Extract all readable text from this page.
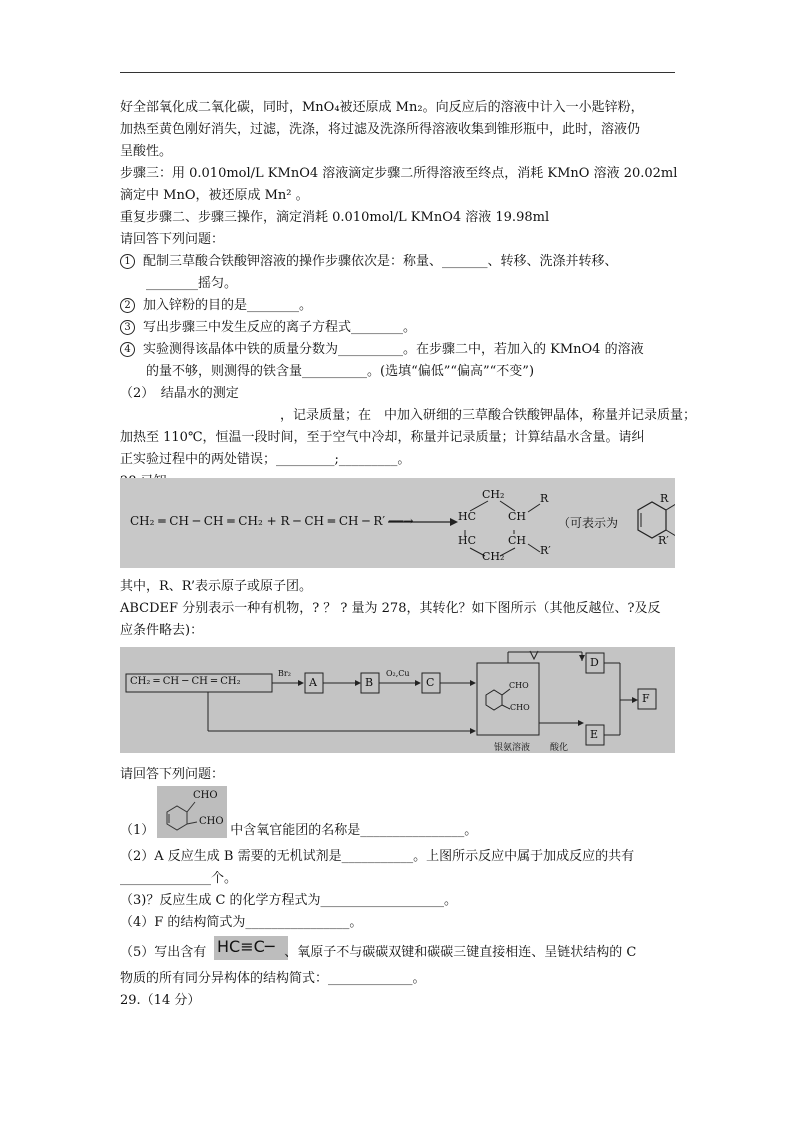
好全部氧化成二氧化碳，同时，MnO₄被还原成 Mn₂。向反应后的溶液中计入一小匙锌粉，
加热至黄色刚好消失，过滤，洗涤，将过滤及洗涤所得溶液收集到锥形瓶中，此时，溶液仍
呈酸性。
步骤三：用 0.010mol/L KMnO4 溶液滴定步骤二所得溶液至终点，消耗 KMnO 溶液 20.02ml
滴定中 MnO，被还原成 Mn² 。
重复步骤二、步骤三操作，滴定消耗 0.010mol/L KMnO4 溶液 19.98ml
请回答下列问题：
1 配制三草酸合铁酸钾溶液的操作步骤依次是：称量、_______、转移、洗涤并转移、
________摇匀。
2 加入锌粉的目的是________。
3 写出步骤三中发生反应的离子方程式________。
4 实验测得该晶体中铁的质量分数为__________。在步骤二中，若加入的 KMnO4 的溶液
的量不够，则测得的铁含量__________。(选填“偏低”“偏高”“不变”)
（2）　结晶水的测定
，记录质量；在　中加入研细的三草酸合铁酸钾晶体，称量并记录质量；
加热至 110℃，恒温一段时间，至于空气中冷却，称量并记录质量；计算结晶水含量。请纠
正实验过程中的两处错误；_________;_________。
CH₂ ═ CH ─ CH ═ CH₂ + R ─ CH ═ CH ─ R′ ──→
CH₂
HC
HC
CH
CH
R
R′
CH₂
（可表示为
R
R′
其中，R、R’表示原子或原子团。
ABCDEF 分别表示一种有机物，? ？ ? 量为 278，其转化？如下图所示（其他反越位、?及反
应条件略去)：
CH₂ ═ CH ─ CH ═ CH₂
Br₂
A	B
O₂,Cu
C	CHO
CHO
D
E
F
银氨溶液 酸化
请回答下列问题：
CHO
CHO
（1）	中含氧官能团的名称是________________。
（2）A 反应生成 B 需要的无机试剂是___________。上图所示反应中属于加成反应的共有
______________个。
（3)？反应生成 C 的化学方程式为___________________。
（4）F 的结构简式为________________。
HC≡C─
（5）写出含有	、氧原子不与碳碳双键和碳碳三键直接相连、呈链状结构的 C
物质的所有同分异构体的结构简式：_____________。
29.（14 分）
